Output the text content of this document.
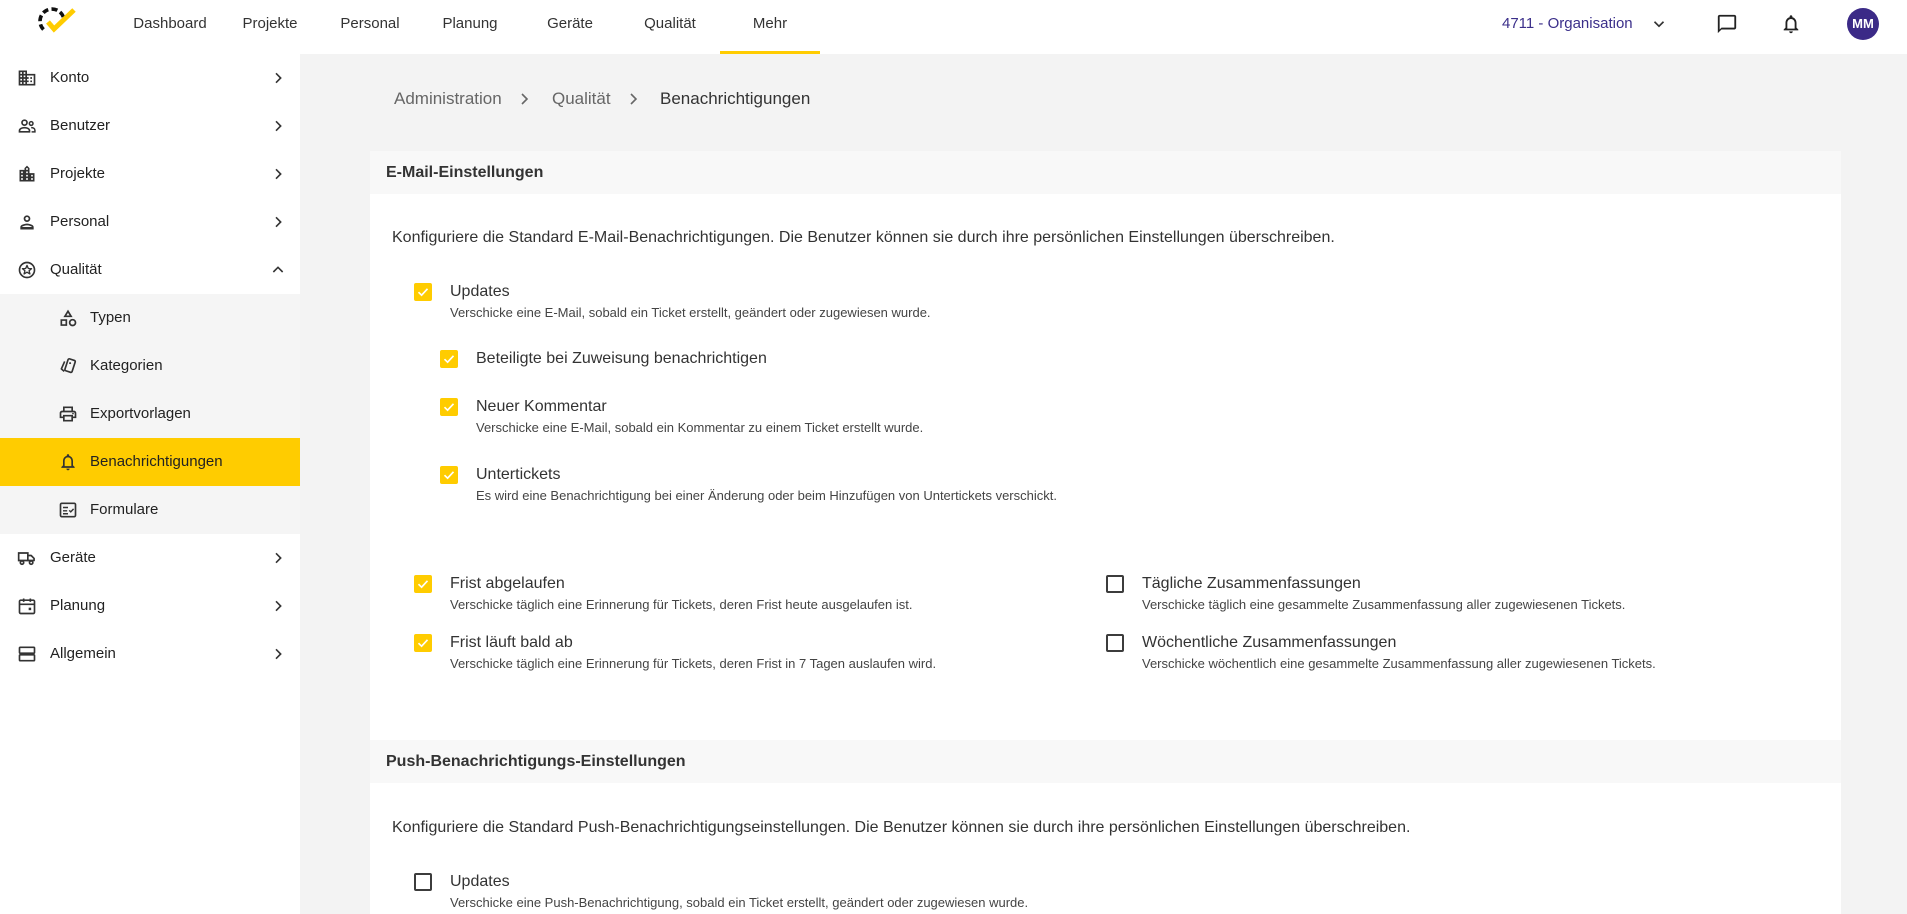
Dashboard	Projekte	Personal	Planung	Geräte	Qualität	Mehr	4711 - Organisation	MM
Konto
Benutzer
Projekte
Personal
Qualität
Typen
Kategorien
Exportvorlagen
Benachrichtigungen
Formulare
Geräte
Planung
Allgemein
Administration	Qualität	Benachrichtigungen
E-Mail-Einstellungen
Konfiguriere die Standard E-Mail-Benachrichtigungen. Die Benutzer können sie durch ihre persönlichen Einstellungen überschreiben.
Updates
Verschicke eine E-Mail, sobald ein Ticket erstellt, geändert oder zugewiesen wurde.
Beteiligte bei Zuweisung benachrichtigen
Neuer Kommentar
Verschicke eine E-Mail, sobald ein Kommentar zu einem Ticket erstellt wurde.
Untertickets
Es wird eine Benachrichtigung bei einer Änderung oder beim Hinzufügen von Untertickets verschickt.
Frist abgelaufen
Verschicke täglich eine Erinnerung für Tickets, deren Frist heute ausgelaufen ist.
Frist läuft bald ab
Verschicke täglich eine Erinnerung für Tickets, deren Frist in 7 Tagen auslaufen wird.
Tägliche Zusammenfassungen
Verschicke täglich eine gesammelte Zusammenfassung aller zugewiesenen Tickets.
Wöchentliche Zusammenfassungen
Verschicke wöchentlich eine gesammelte Zusammenfassung aller zugewiesenen Tickets.
Push-Benachrichtigungs-Einstellungen
Konfiguriere die Standard Push-Benachrichtigungseinstellungen. Die Benutzer können sie durch ihre persönlichen Einstellungen überschreiben.
Updates
Verschicke eine Push-Benachrichtigung, sobald ein Ticket erstellt, geändert oder zugewiesen wurde.
